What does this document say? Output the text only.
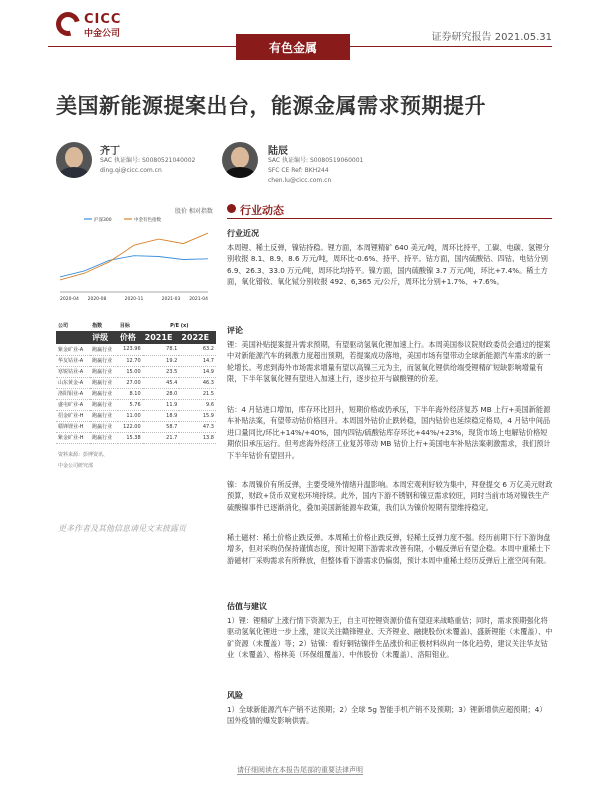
CICC
中金公司	证券研究报告 2021.05.31
有色金属
美国新能源提案出台，能源金属需求预期提升
齐丁
SAC 执证编号: S0080521040002
ding.qi@cicc.com.cn
陆辰
SAC 执证编号: S0080519060001
SFC CE Ref: BKH244
chen.lu@cicc.com.cn
股价 相对指数
沪深300	中金有色指数
2020-04 2020-08	2020-11	2021-03 2021-04
公司	指数	目标	P/E (x)	
	评级	价格	2021E	2022E
紫金矿业-A	跑赢行业	123.96	78.1	63.2
华友钴业-A	跑赢行业	12.70	19.2	14.7
寒锐钴业-A	跑赢行业	15.00	23.5	14.9
山东黄金-A	跑赢行业	27.00	45.4	46.3
洛阳钼业-A	跑赢行业	8.10	28.0	21.5
盛屯矿业-A	跑赢行业	5.76	11.9	9.6
招金矿业-H	跑赢行业	11.00	18.9	15.9
赣锋锂业-H	跑赢行业	122.00	58.7	47.3
紫金矿业-H	跑赢行业	15.38	21.7	13.8
资料来源：彭博资讯、
中金公司研究部
更多作者及其他信息请见文末披露页
行业动态
行业近况
本周锂、稀土反弹，镍钴持稳。锂方面，本周锂精矿 640 美元/吨，周环比持平，工碳、电碳、氢锂分别收报 8.1、8.9、8.6 万元/吨，周环比-0.6%、持平、持平。钴方面，国内硫酸钴、四钴、电钴分别 6.9、26.3、33.0 万元/吨，周环比均持平。镍方面，国内硫酸镍 3.7 万元/吨，环比+7.4%。稀土方面，氧化镨钕、氧化铽分别收报 492、6,365 元/公斤，周环比分别+1.7%、+7.6%。
评论
锂：美国补贴提案提升需求预期，有望驱动氢氧化锂加速上行。本周美国参议院财政委员会通过的提案中对新能源汽车的刺激力度超出预期，若提案成功落地，美国市场有望带动全球新能源汽车需求的新一轮增长。考虑到海外市场需求增量有望以高镍三元为主，而氢氧化锂供给端受锂精矿短缺影响增量有限，下半年氢氧化锂有望进入加速上行，逐步拉开与碳酸锂的价差。
钴：4 月钴进口增加，库存环比回升，短期价格或仍承压，下半年海外经济复苏 MB 上行+美国新能源车补贴法案，有望带动钴价格回升。本周国外钴价止跌转稳，国内钴价也延续稳定格局，4 月钴中间品进口量同比/环比+14%/+40%，国内四钴/硫酸钴库存环比+44%/+23%，现货市场上电解钴价格短期依旧承压运行。但考虑海外经济工业复苏带动 MB 钴价上行+美国电车补贴法案刺激需求，我们预计下半年钴价有望回升。
镍：本周镍价有所反弹，主要受境外情绪升温影响。本周宏观利好较为集中，拜登提交 6 万亿美元财政预算，财政+货币双宽松环境持续。此外，国内下游不锈钢和镍豆需求较旺，同时当前市场对镍铁生产硫酸镍事件已逐渐消化，叠加美国新能源车政策，我们认为镍价短期有望维持稳定。
稀土磁材：稀土价格止跌反弹。本周稀土价格止跌反弹，轻稀土反弹力度不强。经历前期下行下游询盘增多，但对采购仍保持谨慎态度，预计短期下游需求改善有限，小幅反弹后有望企稳。本周中重稀土下游磁材厂采购需求有所释放，但整体看下游需求仍偏弱，预计本周中重稀土经历反弹后上涨空间有限。
估值与建议
1）锂：锂精矿上涨行情下资源为王，自主可控锂资源价值有望迎来战略重估；同时，需求预期强化将驱动氢氧化锂进一步上涨，建议关注赣锋锂业、天齐锂业、融捷股份(未覆盖)、盛新锂能（未覆盖）、中矿资源（未覆盖）等；2）钴镍：看好铜钴镍伴生品涨价和正极材料纵向一体化趋势，建议关注华友钴业（未覆盖）、格林美（环保组覆盖）、中伟股份（未覆盖）、洛阳钼业。
风险
1）全球新能源汽车产销不达预期；2）全球 5g 智能手机产销不及预期；3）锂新增供应超预期；4）国外疫情的爆发影响供需。
请仔细阅读在本报告尾部的重要法律声明
